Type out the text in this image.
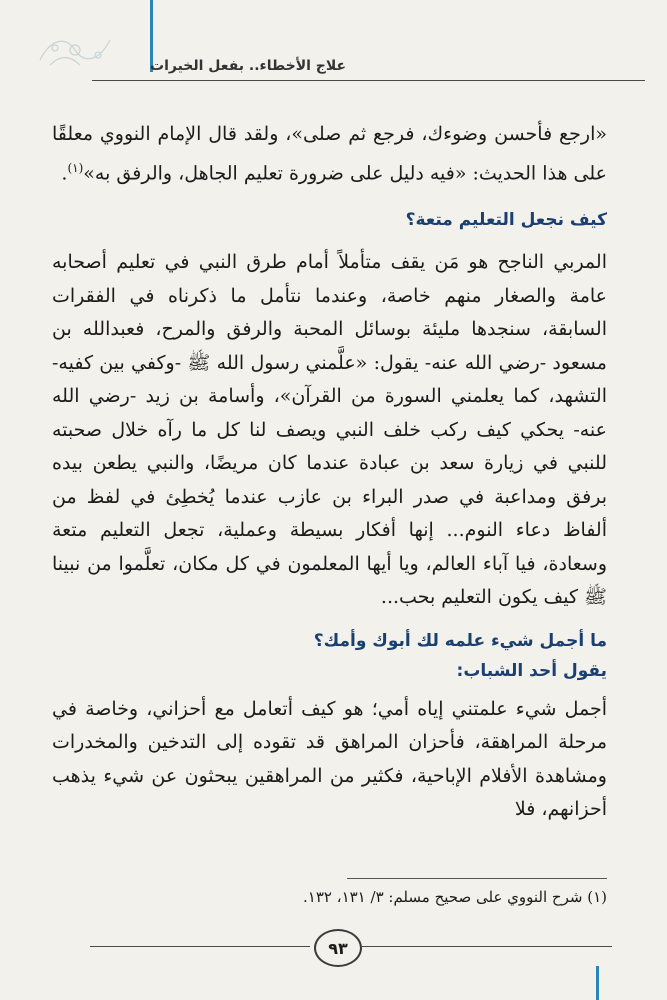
علاج الأخطاء.. بفعل الخيرات

«ارجع فأحسن وضوءك، فرجع ثم صلى»، ولقد قال الإمام النووي معلقًا على هذا الحديث: «فيه دليل على ضرورة تعليم الجاهل، والرفق به»$^{(١)}$.

كيف نجعل التعليم متعة؟

المربي الناجح هو مَن يقف متأملاً أمام طرق النبي في تعليم أصحابه عامة والصغار منهم خاصة، وعندما نتأمل ما ذكرناه في الفقرات السابقة، سنجدها مليئة بوسائل المحبة والرفق والمرح، فعبدالله بن مسعود -رضي الله عنه- يقول: «علَّمني رسول الله ﷺ -وكفي بين كفيه- التشهد، كما يعلمني السورة من القرآن»، وأسامة بن زيد -رضي الله عنه- يحكي كيف ركب خلف النبي ويصف لنا كل ما رآه خلال صحبته للنبي في زيارة سعد بن عبادة عندما كان مريضًا، والنبي يطعن بيده برفق ومداعبة في صدر البراء بن عازب عندما يُخطِئ في لفظ من ألفاظ دعاء النوم... إنها أفكار بسيطة وعملية، تجعل التعليم متعة وسعادة، فيا آباء العالم، ويا أيها المعلمون في كل مكان، تعلَّموا من نبينا ﷺ كيف يكون التعليم بحب...

ما أجمل شيء علمه لك أبوك وأمك؟

يقول أحد الشباب:

أجمل شيء علمتني إياه أمي؛ هو كيف أتعامل مع أحزاني، وخاصة في مرحلة المراهقة، فأحزان المراهق قد تقوده إلى التدخين والمخدرات ومشاهدة الأفلام الإباحية، فكثير من المراهقين يبحثون عن شيء يذهب أحزانهم، فلا

(١) شرح النووي على صحيح مسلم: ٣/ ١٣١، ١٣٢.

٩٣
